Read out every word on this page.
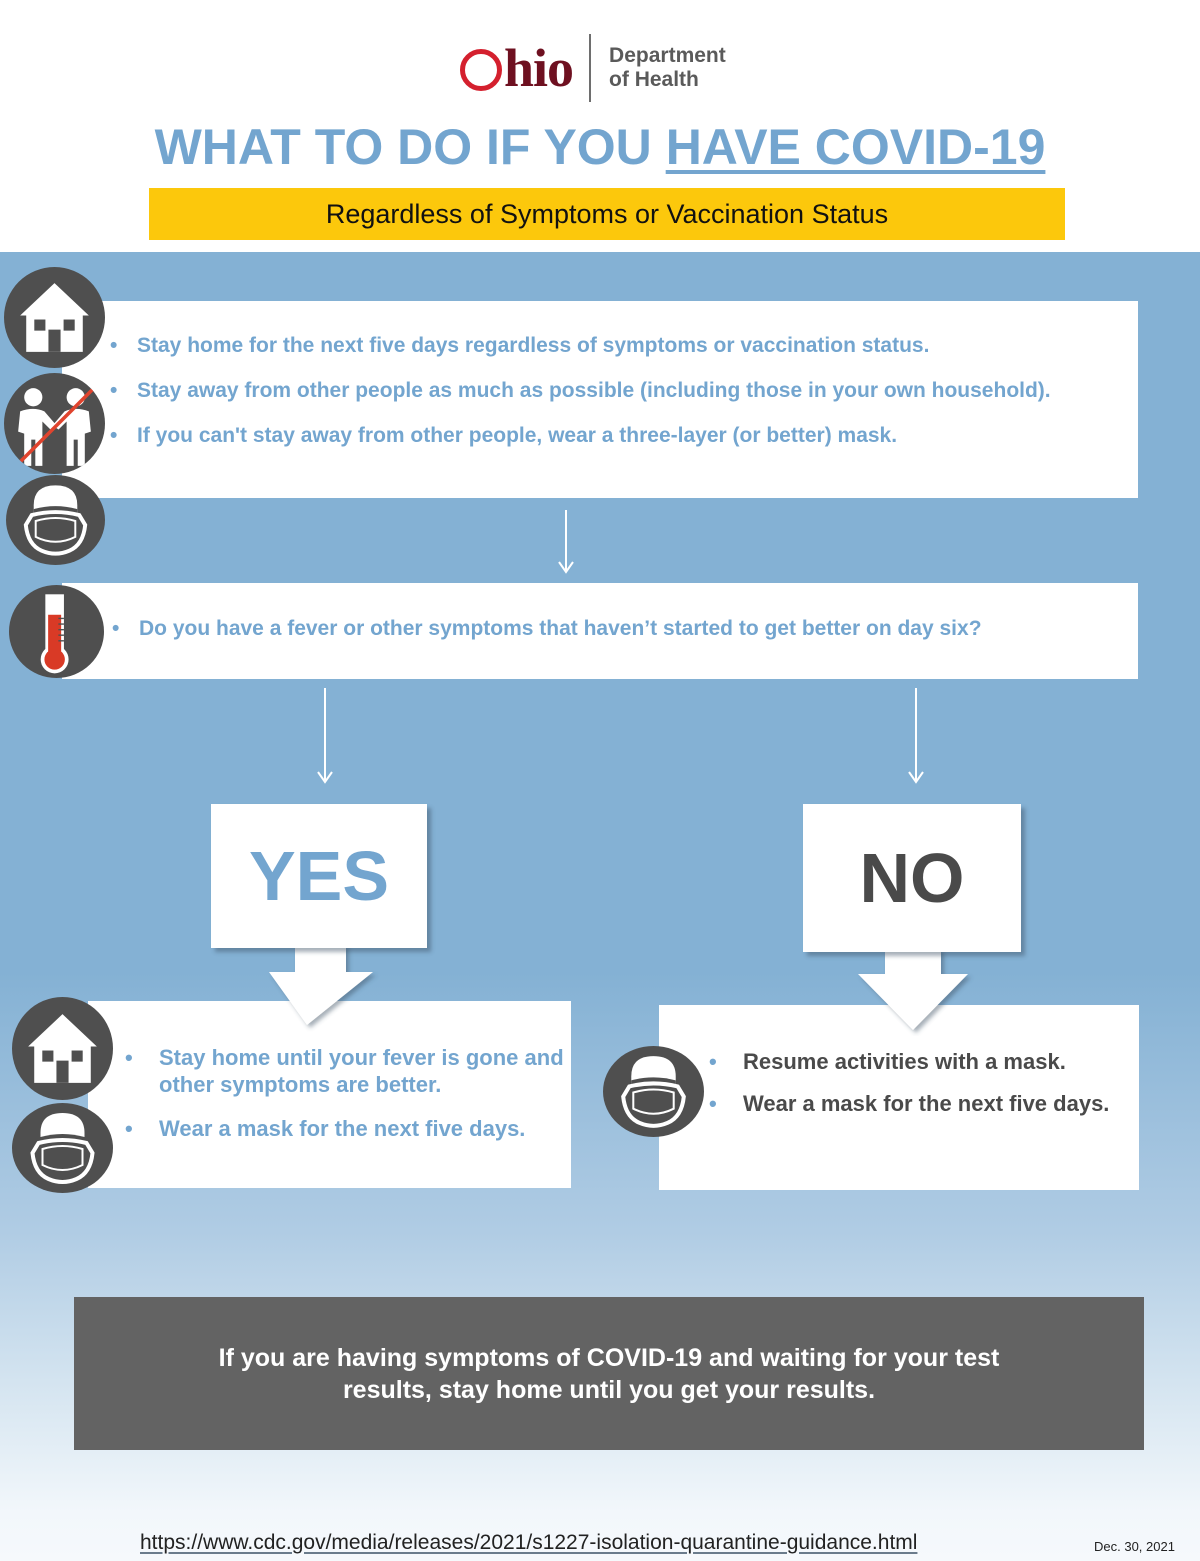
hio Department
of Health
WHAT TO DO IF YOU HAVE COVID-19
Regardless of Symptoms or Vaccination Status
• Stay home for the next five days regardless of symptoms or vaccination status.
• Stay away from other people as much as possible (including those in your own household).
• If you can't stay away from other people, wear a three-layer (or better) mask.
• Do you have a fever or other symptoms that haven’t started to get better on day six?
• Stay home until your fever is gone and other symptoms are better.
• Wear a mask for the next five days.
YES
• Resume activities with a mask.
• Wear a mask for the next five days.
NO
If you are having symptoms of COVID-19 and waiting for your test results, stay home until you get your results.
https://www.cdc.gov/media/releases/2021/s1227-isolation-quarantine-guidance.html	Dec. 30, 2021
